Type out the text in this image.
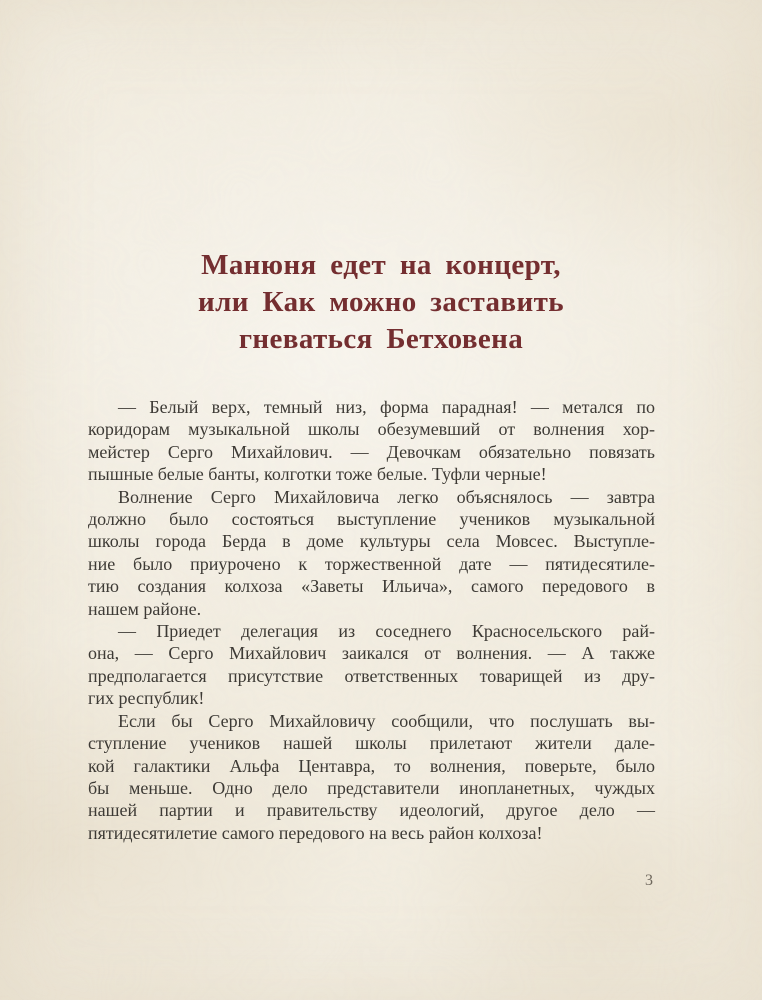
Манюня едет на концерт,
или Как можно заставить
гневаться Бетховена
— Белый верх, темный низ, форма парадная! — метался по
коридорам музыкальной школы обезумевший от волнения хор-
мейстер Серго Михайлович. — Девочкам обязательно повязать
пышные белые банты, колготки тоже белые. Туфли черные!
Волнение Серго Михайловича легко объяснялось — завтра
должно было состояться выступление учеников музыкальной
школы города Берда в доме культуры села Мовсес. Выступле-
ние было приурочено к торжественной дате — пятидесятиле-
тию создания колхоза «Заветы Ильича», самого передового в
нашем районе.
— Приедет делегация из соседнего Красносельского рай-
она, — Серго Михайлович заикался от волнения. — А также
предполагается присутствие ответственных товарищей из дру-
гих республик!
Если бы Серго Михайловичу сообщили, что послушать вы-
ступление учеников нашей школы прилетают жители дале-
кой галактики Альфа Центавра, то волнения, поверьте, было
бы меньше. Одно дело представители инопланетных, чуждых
нашей партии и правительству идеологий, другое дело —
пятидесятилетие самого передового на весь район колхоза!
3
